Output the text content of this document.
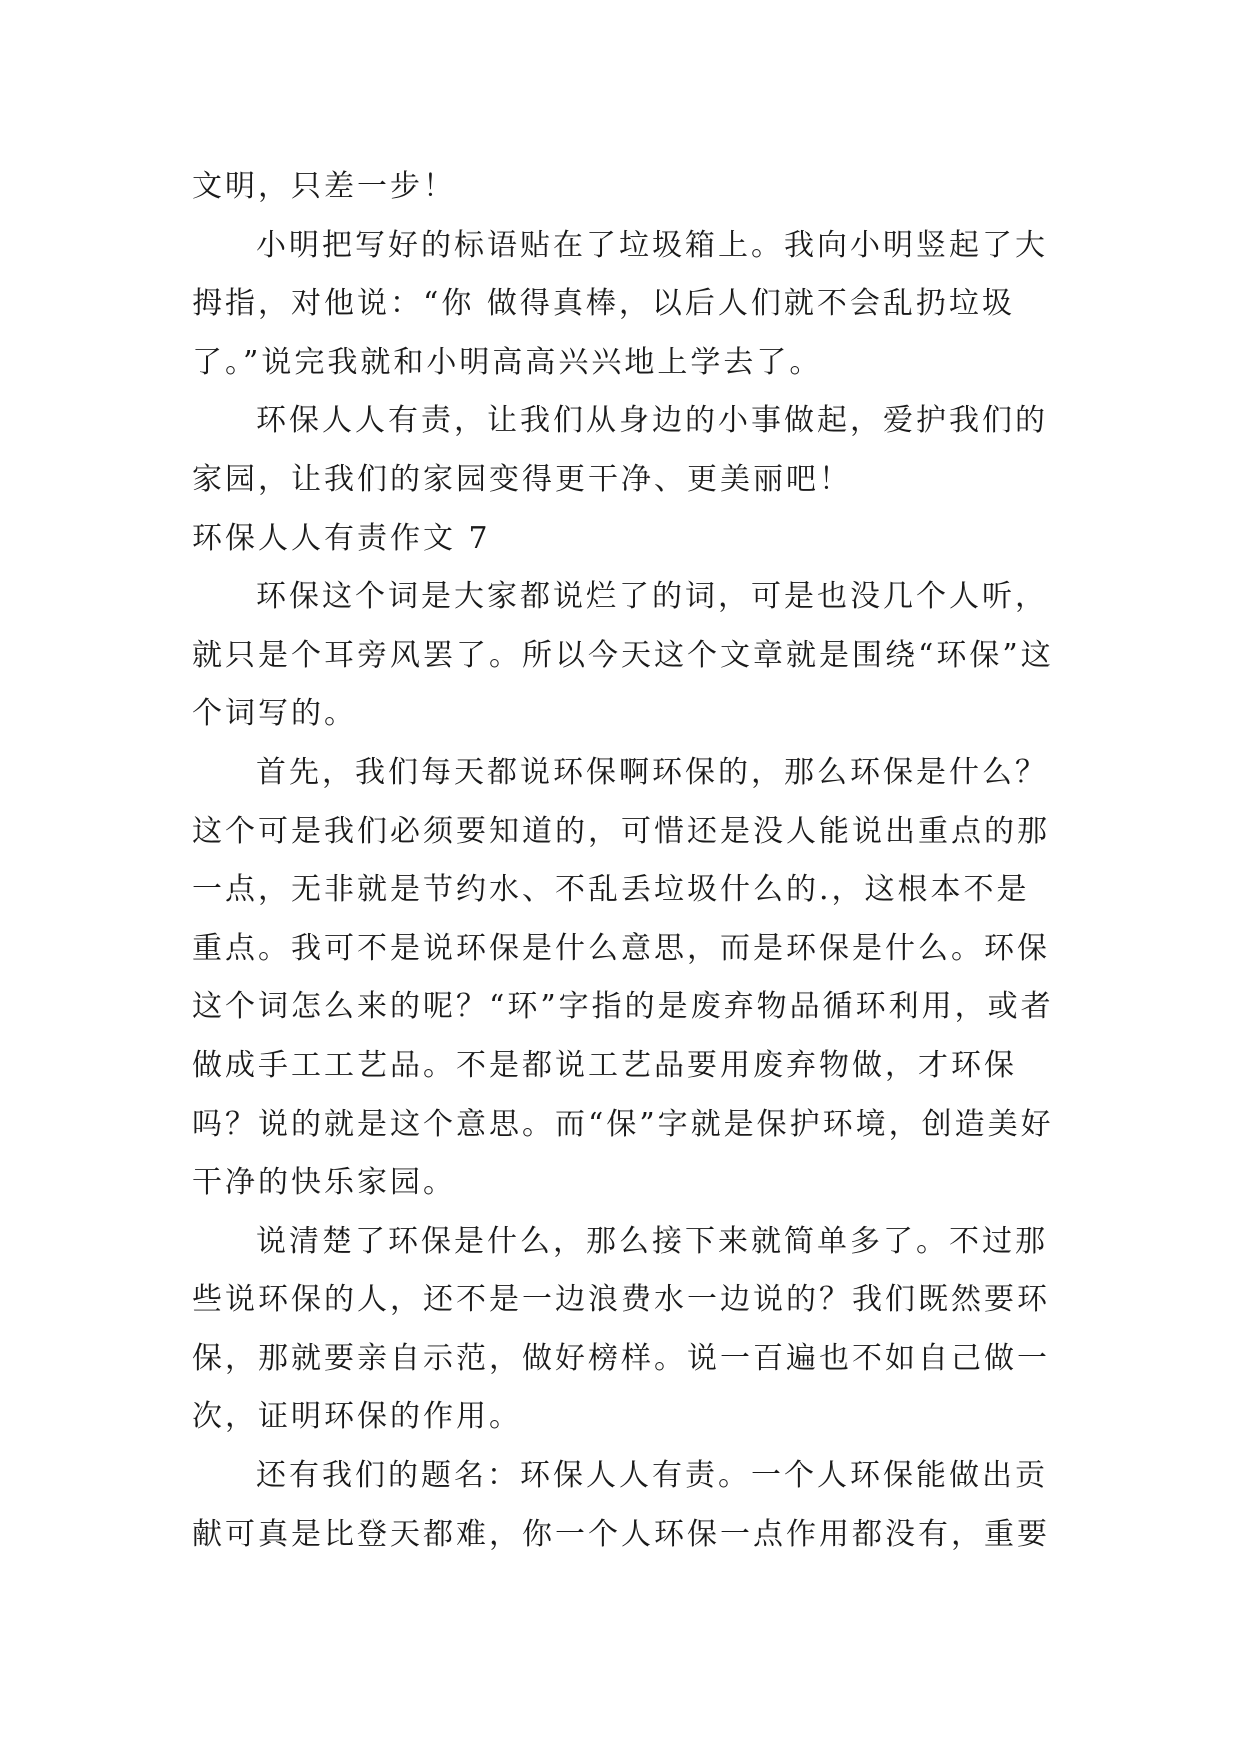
文明，只差一步！

小明把写好的标语贴在了垃圾箱上。我向小明竖起了大拇指，对他说：“你 做得真棒，以后人们就不会乱扔垃圾了。”说完我就和小明高高兴兴地上学去了。

环保人人有责，让我们从身边的小事做起，爱护我们的家园，让我们的家园变得更干净、更美丽吧！

环保人人有责作文 7

环保这个词是大家都说烂了的词，可是也没几个人听，就只是个耳旁风罢了。所以今天这个文章就是围绕“环保”这个词写的。

首先，我们每天都说环保啊环保的，那么环保是什么？这个可是我们必须要知道的，可惜还是没人能说出重点的那一点，无非就是节约水、不乱丢垃圾什么的.，这根本不是重点。我可不是说环保是什么意思，而是环保是什么。环保这个词怎么来的呢？“环”字指的是废弃物品循环利用，或者做成手工工艺品。不是都说工艺品要用废弃物做，才环保吗？说的就是这个意思。而“保”字就是保护环境，创造美好干净的快乐家园。

说清楚了环保是什么，那么接下来就简单多了。不过那些说环保的人，还不是一边浪费水一边说的？我们既然要环保，那就要亲自示范，做好榜样。说一百遍也不如自己做一次，证明环保的作用。

还有我们的题名：环保人人有责。一个人环保能做出贡献可真是比登天都难，你一个人环保一点作用都没有，重要
